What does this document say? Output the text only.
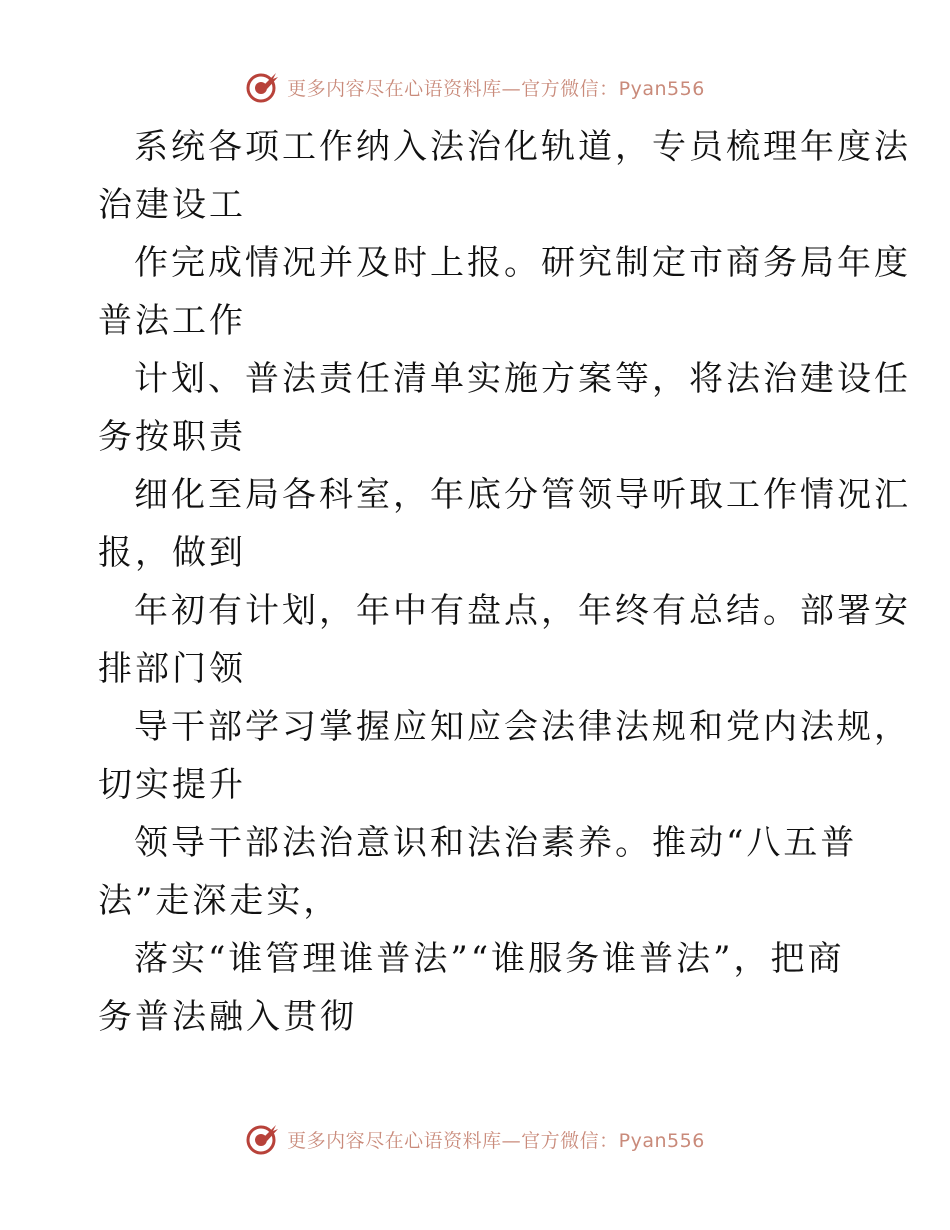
更多内容尽在心语资料库—官方微信：Pyan556

系统各项工作纳入法治化轨道，专员梳理年度法
治建设工

作完成情况并及时上报。研究制定市商务局年度
普法工作

计划、普法责任清单实施方案等，将法治建设任
务按职责

细化至局各科室，年底分管领导听取工作情况汇
报，做到

年初有计划，年中有盘点，年终有总结。部署安
排部门领

导干部学习掌握应知应会法律法规和党内法规，
切实提升

领导干部法治意识和法治素养。推动“八五普
法”走深走实，

落实“谁管理谁普法”“谁服务谁普法”，把商
务普法融入贯彻

更多内容尽在心语资料库—官方微信：Pyan556
